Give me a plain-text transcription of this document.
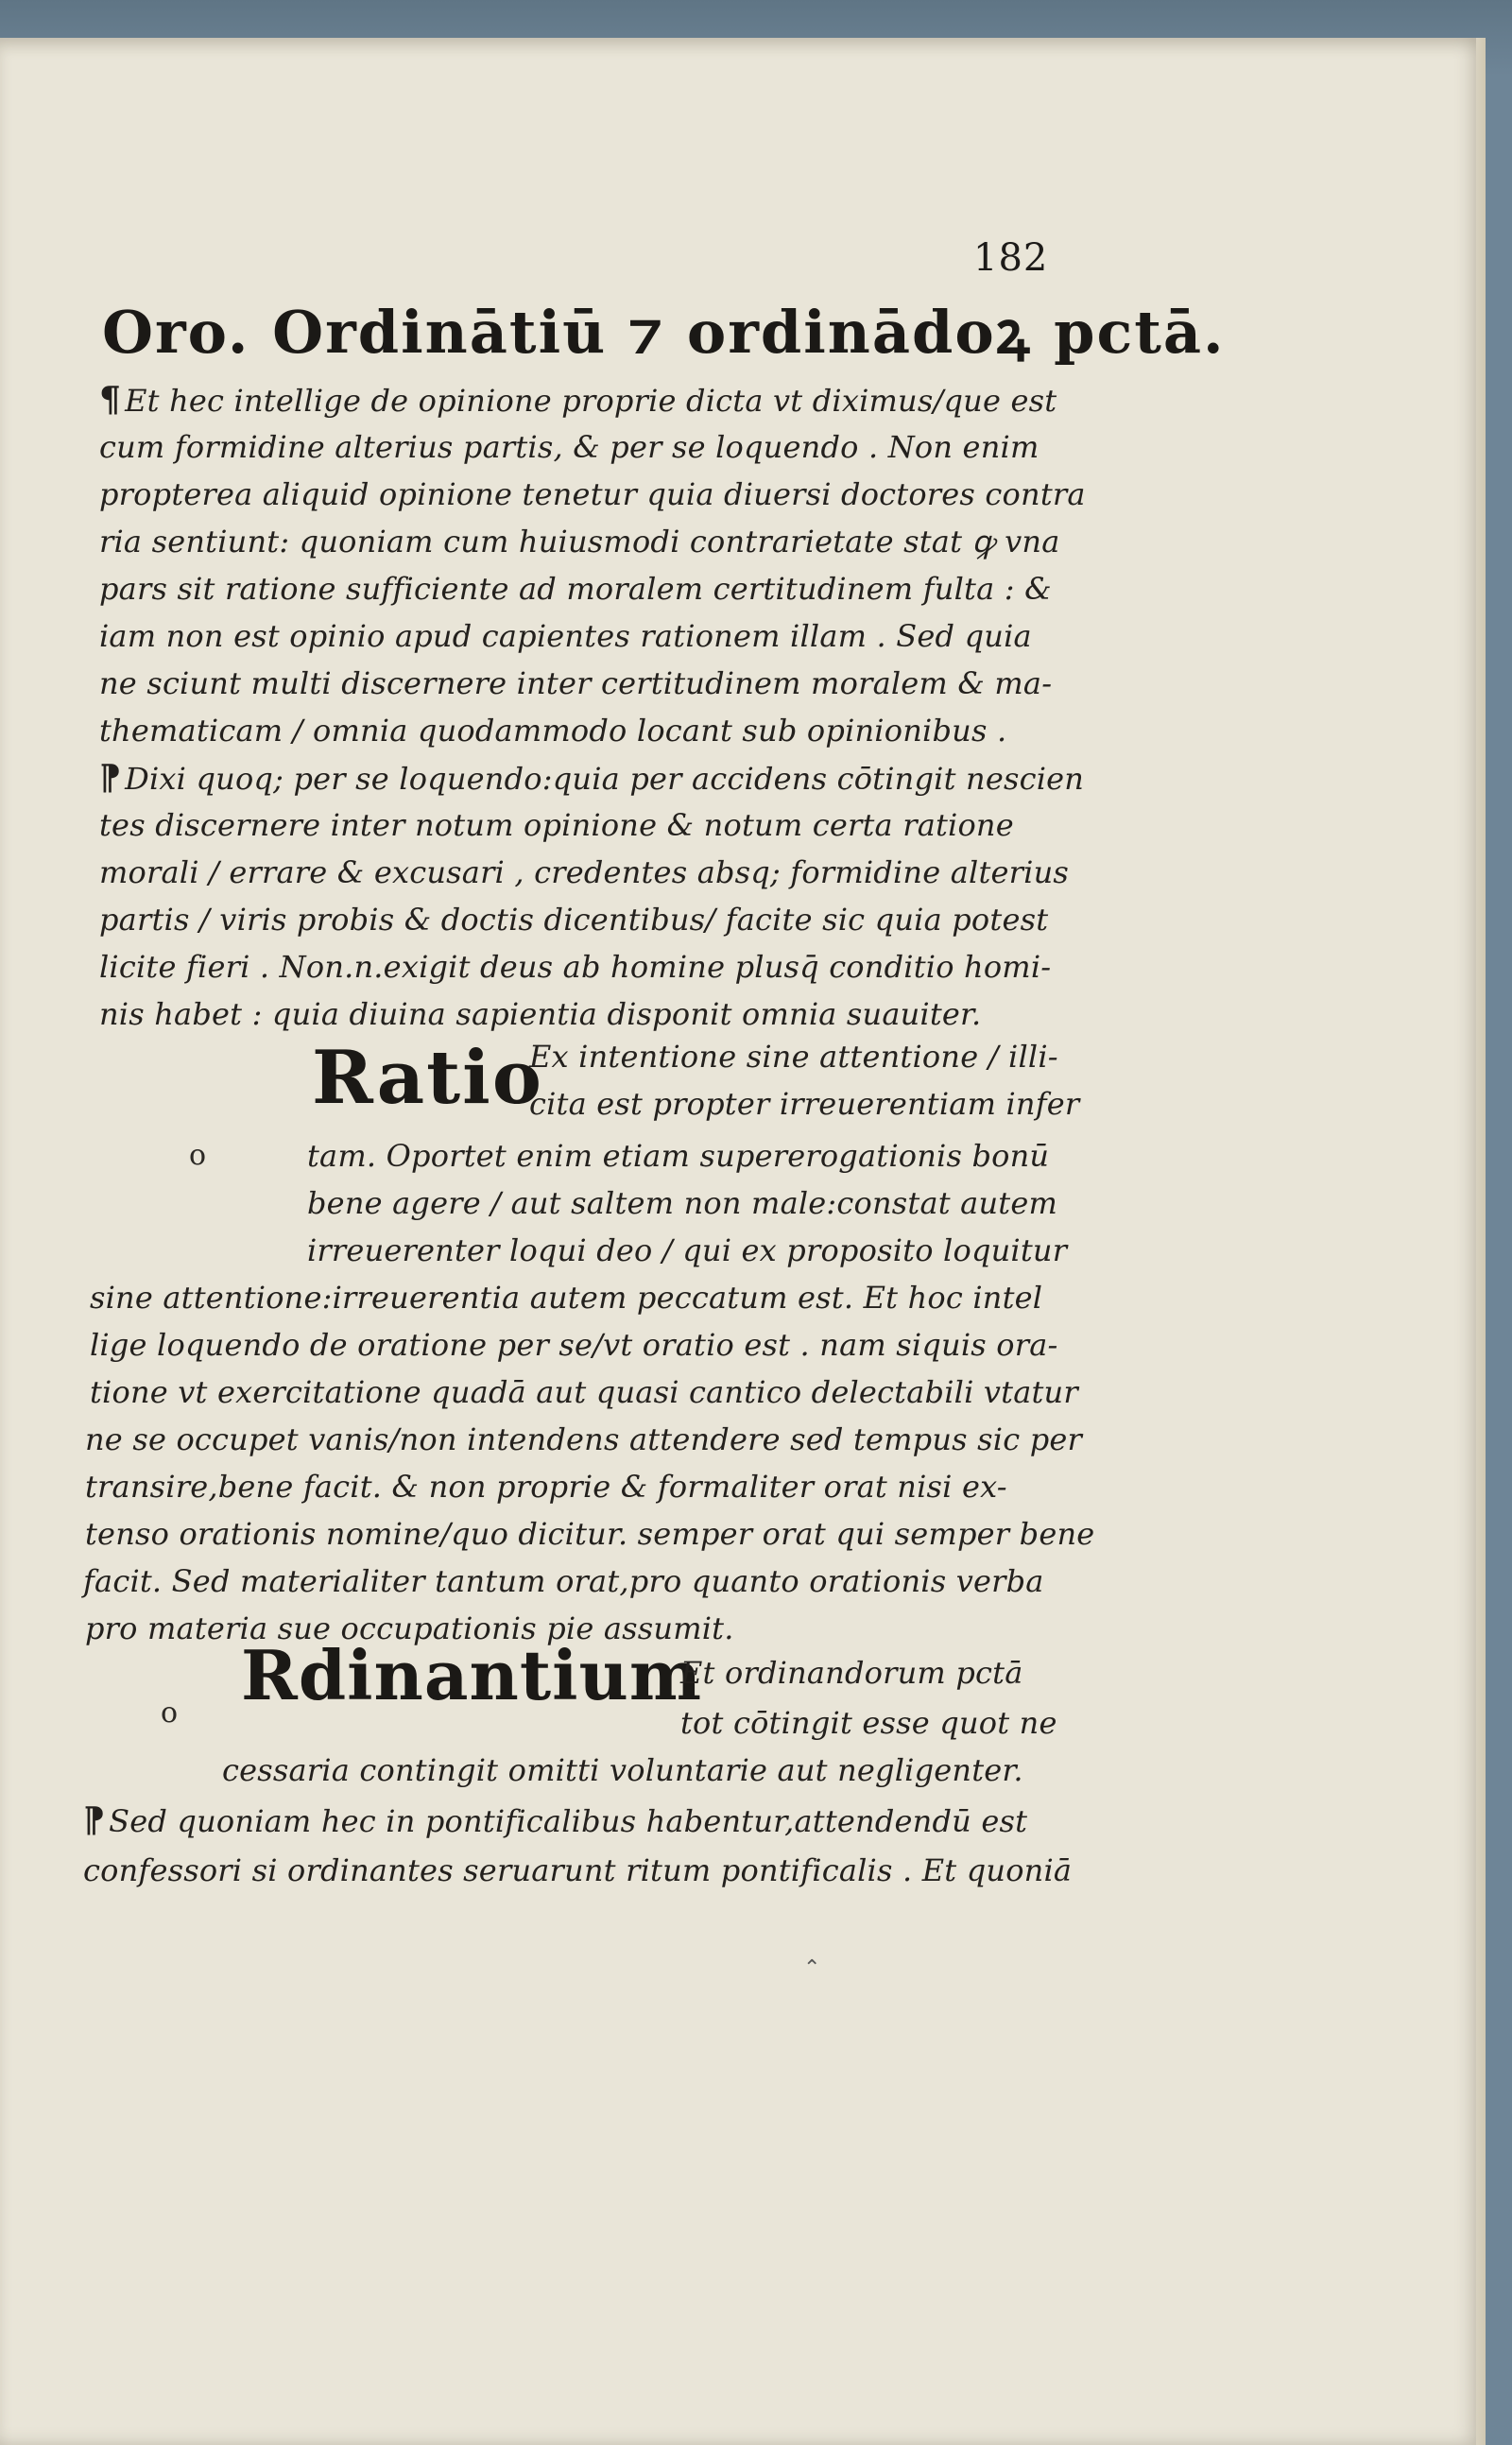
182
Oro. Ordinātiū ⁊ ordinādoꝝ pctā.
¶ Et hec intellige de opinione proprie dicta vt diximus/que est
cum formidine alterius partis, & per se loquendo . Non enim
propterea aliquid opinione tenetur quia diuersi doctores contra
ria sentiunt: quoniam cum huiusmodi contrarietate stat ꝙ vna
pars sit ratione sufficiente ad moralem certitudinem fulta : &
iam non est opinio apud capientes rationem illam . Sed quia
ne sciunt multi discernere inter certitudinem moralem & ma-
thematicam / omnia quodammodo locant sub opinionibus .
⁋ Dixi quoq; per se loquendo:quia per accidens cōtingit nescien
tes discernere inter notum opinione & notum certa ratione
morali / errare & excusari , credentes absq; formidine alterius
partis / viris probis & doctis dicentibus/ facite sic quia potest
licite fieri . Non.n.exigit deus ab homine plusq̄ conditio homi-
nis habet : quia diuina sapientia disponit omnia suauiter.
Ratio
Ex intentione sine attentione / illi-
cita est propter irreuerentiam infer
o	tam. Oportet enim etiam supererogationis bonū
bene agere / aut saltem non male:constat autem
irreuerenter loqui deo / qui ex proposito loquitur
sine attentione:irreuerentia autem peccatum est. Et hoc intel
lige loquendo de oratione per se/vt oratio est . nam siquis ora-
tione vt exercitatione quadā aut quasi cantico delectabili vtatur
ne se occupet vanis/non intendens attendere sed tempus sic per
transire,bene facit. & non proprie & formaliter orat nisi ex-
tenso orationis nomine/quo dicitur. semper orat qui semper bene
facit. Sed materialiter tantum orat,pro quanto orationis verba
pro materia sue occupationis pie assumit.
o Rdinantium
Et ordinandorum pctā
tot cōtingit esse quot ne
cessaria contingit omitti voluntarie aut negligenter.
⁋ Sed quoniam hec in pontificalibus habentur,attendendū est
confessori si ordinantes seruarunt ritum pontificalis . Et quoniā
⌃
